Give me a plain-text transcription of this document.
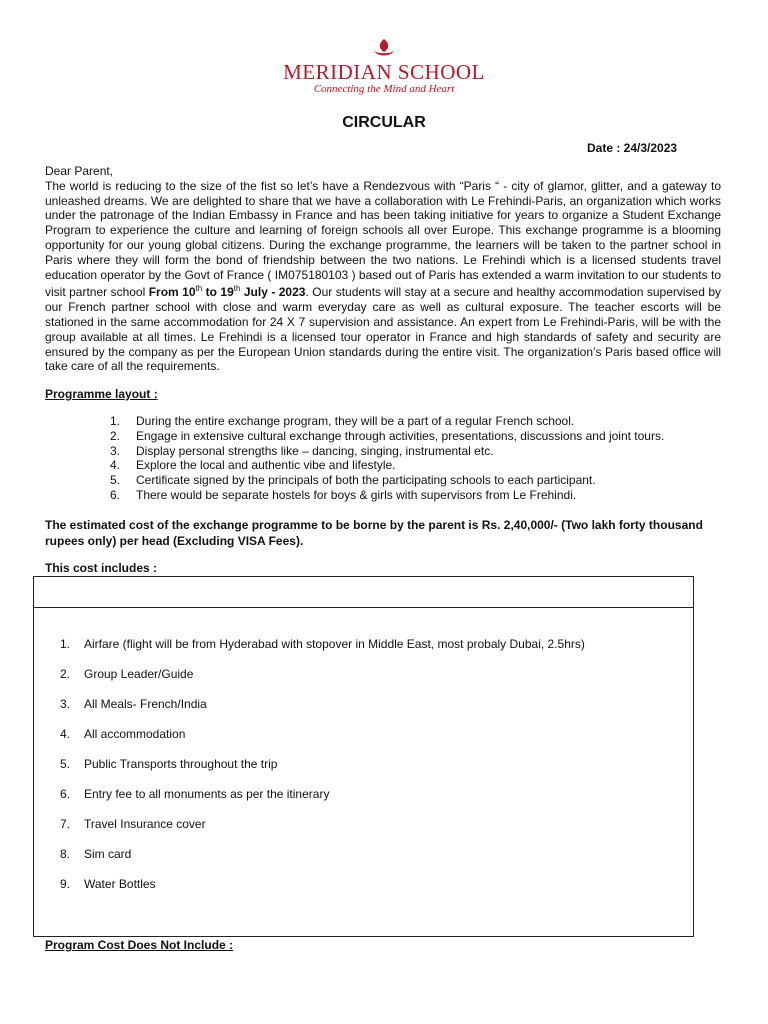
MERIDIAN SCHOOL
Connecting the Mind and Heart
CIRCULAR
Date : 24/3/2023

Dear Parent,

The world is reducing to the size of the fist so let’s have a Rendezvous with “Paris “ - city of glamor, glitter, and a gateway to unleashed dreams. We are delighted to share that we have a collaboration with Le Frehindi-Paris, an organization which works under the patronage of the Indian Embassy in France and has been taking initiative for years to organize a Student Exchange Program to experience the culture and learning of foreign schools all over Europe. This exchange programme is a blooming opportunity for our young global citizens. During the exchange programme, the learners will be taken to the partner school in Paris where they will form the bond of friendship between the two nations. Le Frehindi which is a licensed students travel education operator by the Govt of France ( IM075180103 ) based out of Paris has extended a warm invitation to our students to visit partner school From 10th to 19th July - 2023. Our students will stay at a secure and healthy accommodation supervised by our French partner school with close and warm everyday care as well as cultural exposure. The teacher escorts will be stationed in the same accommodation for 24 X 7 supervision and assistance. An expert from Le Frehindi-Paris, will be with the group available at all times. Le Frehindi is a licensed tour operator in France and high standards of safety and security are ensured by the company as per the European Union standards during the entire visit. The organization’s Paris based office will take care of all the requirements.

Programme layout :
1.	During the entire exchange program, they will be a part of a regular French school.
2.	Engage in extensive cultural exchange through activities, presentations, discussions and joint tours.
3.	Display personal strengths like – dancing, singing, instrumental etc.
4.	Explore the local and authentic vibe and lifestyle.
5.	Certificate signed by the principals of both the participating schools to each participant.
6.	There would be separate hostels for boys & girls with supervisors from Le Frehindi.
The estimated cost of the exchange programme to be borne by the parent is Rs. 2,40,000/- (Two lakh forty thousand rupees only) per head (Excluding VISA Fees).
This cost includes :
1.	Airfare (flight will be from Hyderabad with stopover in Middle East, most probaly Dubai, 2.5hrs)
2.	Group Leader/Guide
3.	All Meals- French/India
4.	All accommodation
5.	Public Transports throughout the trip
6.	Entry fee to all monuments as per the itinerary
7.	Travel Insurance cover
8.	Sim card
9.	Water Bottles
Program Cost Does Not Include :
